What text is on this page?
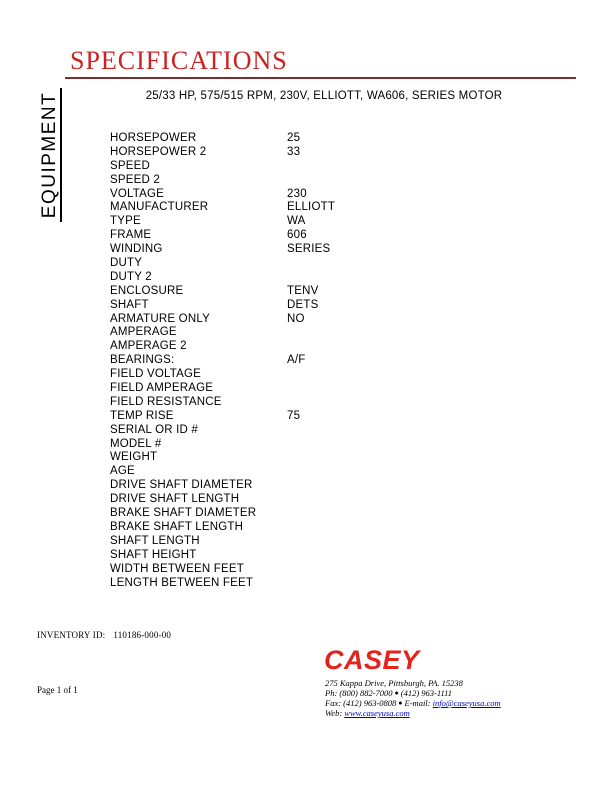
SPECIFICATIONS
EQUIPMENT	25/33 HP, 575/515 RPM, 230V, ELLIOTT, WA606, SERIES MOTOR
HORSEPOWER	25
HORSEPOWER 2	33
SPEED
SPEED 2
VOLTAGE	230
MANUFACTURER	ELLIOTT
TYPE	WA
FRAME	606
WINDING	SERIES
DUTY
DUTY 2
ENCLOSURE	TENV
SHAFT	DETS
ARMATURE ONLY	NO
AMPERAGE
AMPERAGE 2
BEARINGS:	A/F
FIELD VOLTAGE
FIELD AMPERAGE
FIELD RESISTANCE
TEMP RISE	75
SERIAL OR ID #
MODEL #
WEIGHT
AGE
DRIVE SHAFT DIAMETER
DRIVE SHAFT LENGTH
BRAKE SHAFT DIAMETER
BRAKE SHAFT LENGTH
SHAFT LENGTH
SHAFT HEIGHT
WIDTH BETWEEN FEET
LENGTH BETWEEN FEET
INVENTORY ID: 110186-000-00
Page 1 of 1
CASEY
275 Kappa Drive, Pittsburgh, PA. 15238
Ph: (800) 882-7000 ● (412) 963-1111
Fax: (412) 963-0808 ● E-mail: info@caseyusa.com
Web: www.caseyusa.com
